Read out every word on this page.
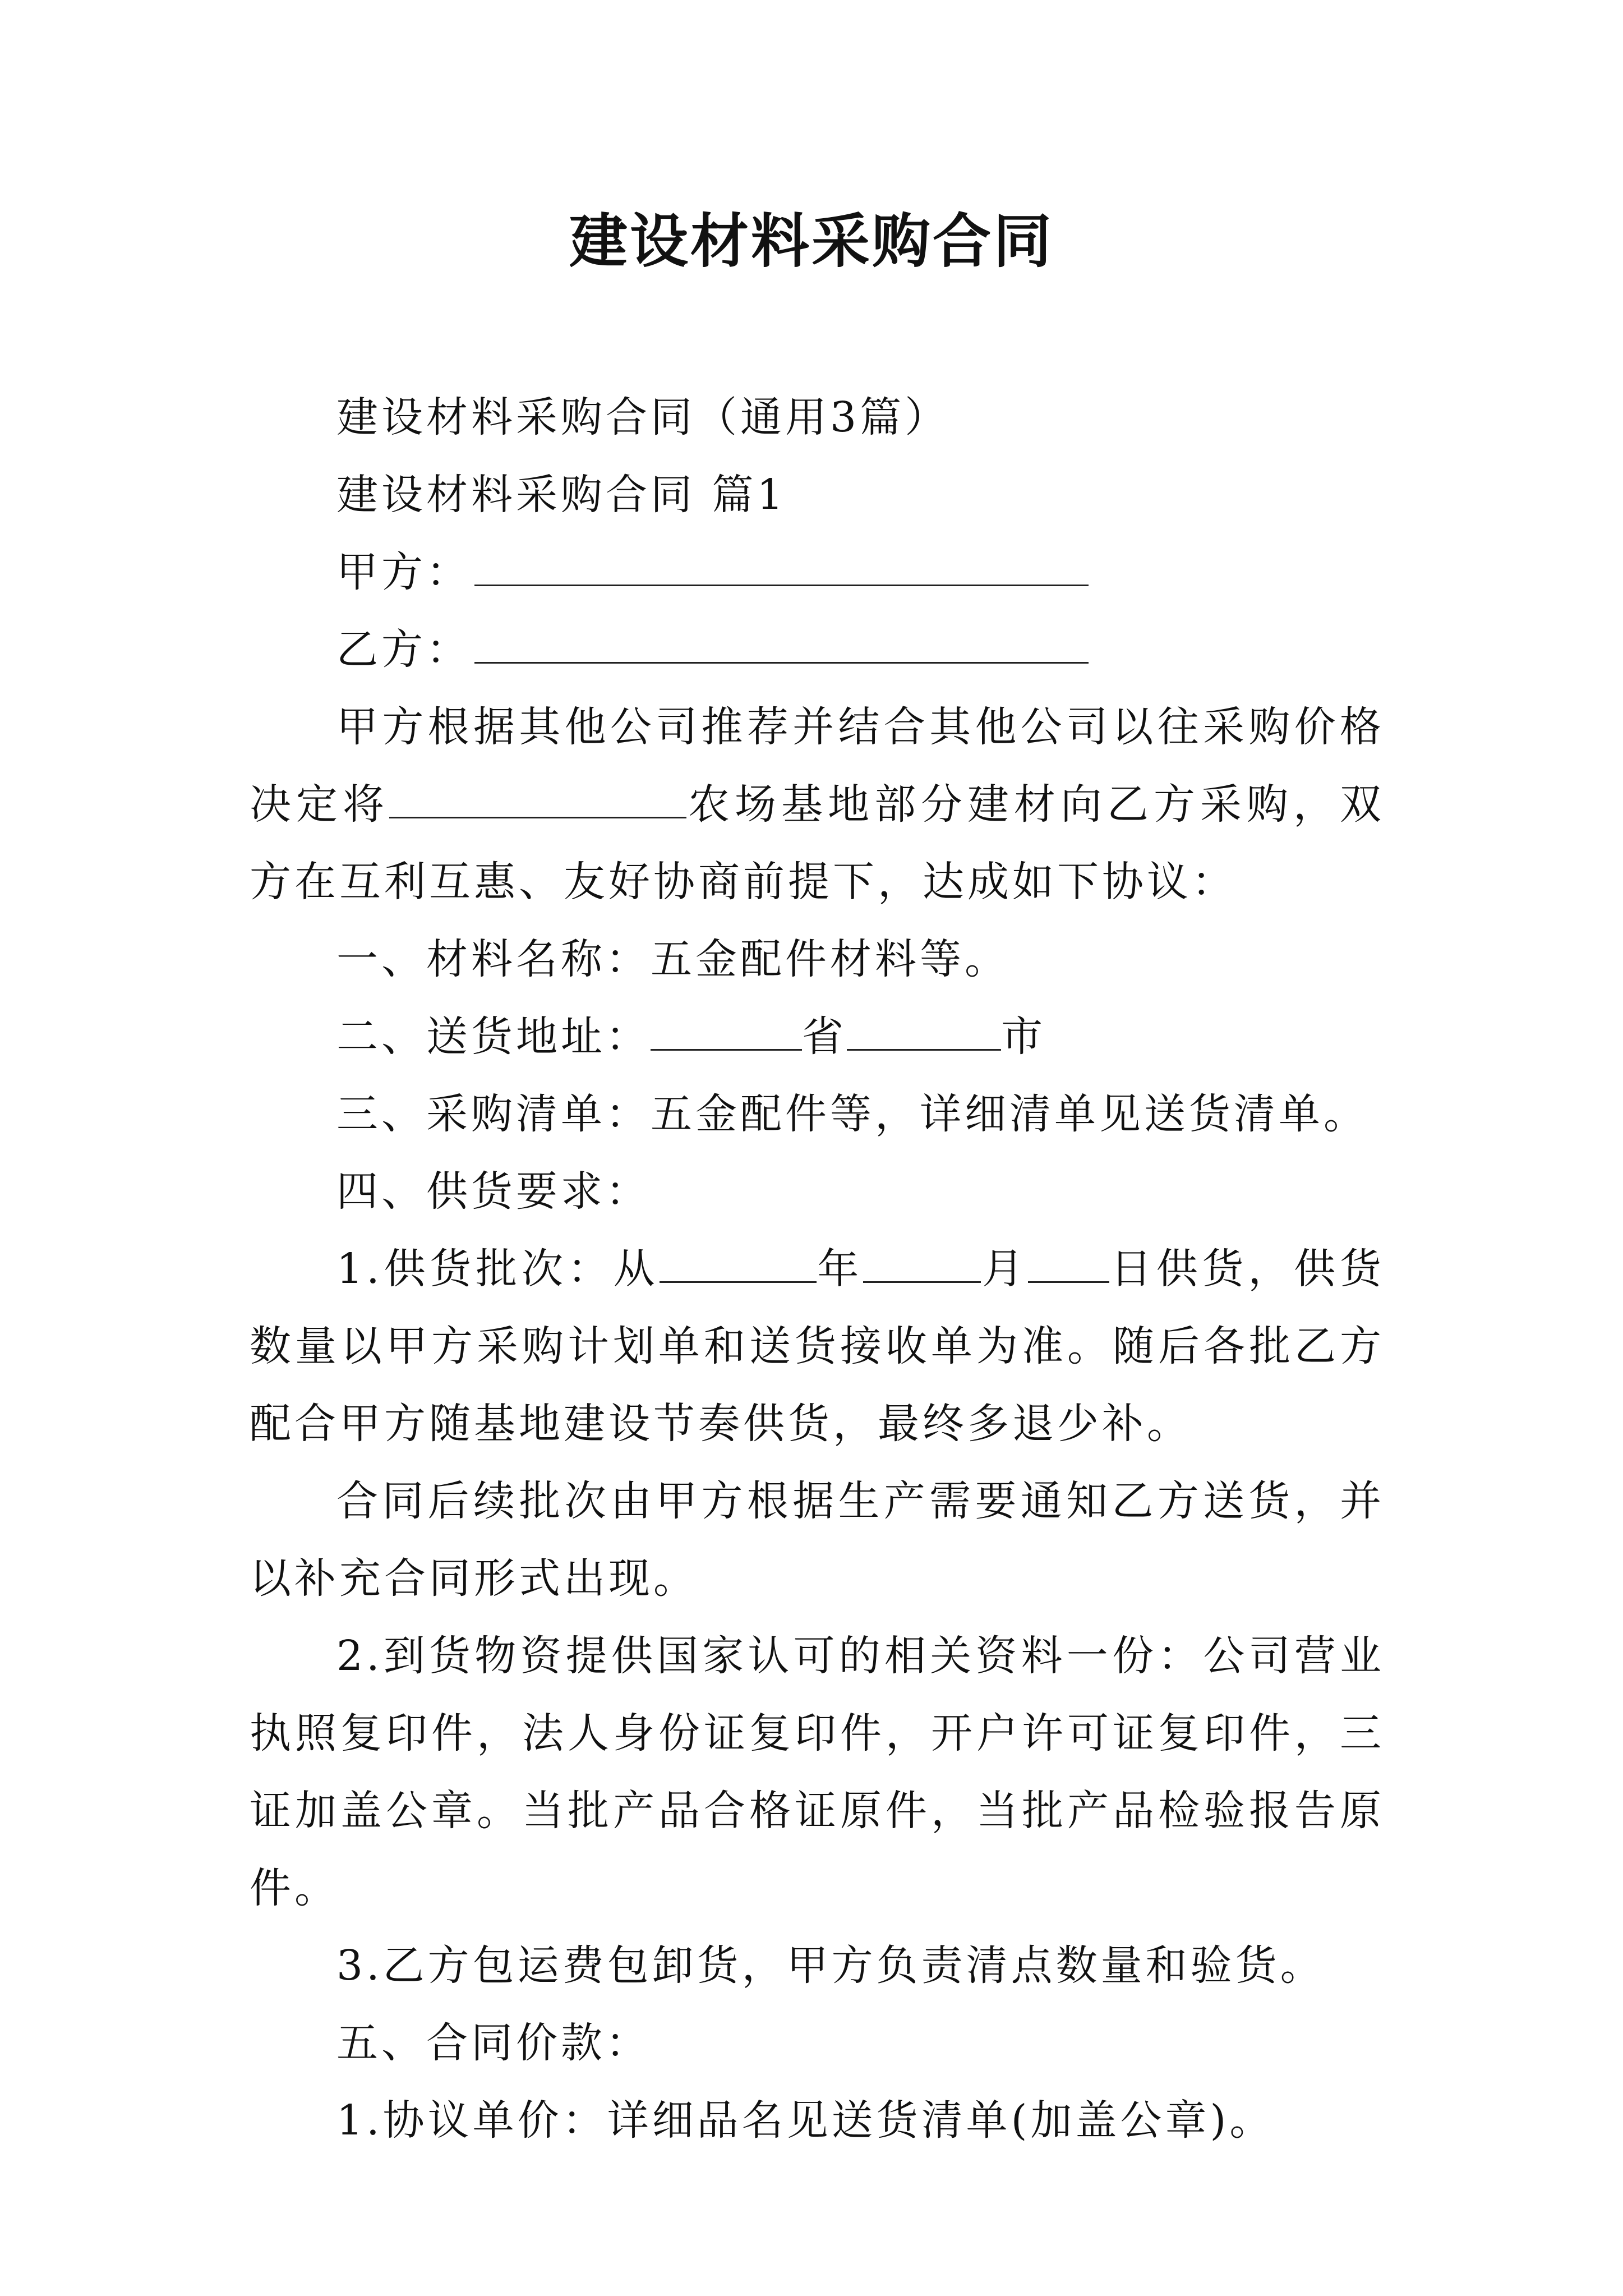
建设材料采购合同

建设材料采购合同（通用3篇）

建设材料采购合同 篇1

甲方：

乙方：

甲方根据其他公司推荐并结合其他公司以往采购价格决定将	农场基地部分建材向乙方采购，双方在互利互惠、友好协商前提下，达成如下协议：

一、材料名称：五金配件材料等。

二、送货地址：	省	市

三、采购清单：五金配件等，详细清单见送货清单。

四、供货要求：

1.供货批次：从	年	月 日供货，供货数量以甲方采购计划单和送货接收单为准。随后各批乙方配合甲方随基地建设节奏供货，最终多退少补。

合同后续批次由甲方根据生产需要通知乙方送货，并以补充合同形式出现。

2.到货物资提供国家认可的相关资料一份：公司营业执照复印件，法人身份证复印件，开户许可证复印件，三证加盖公章。当批产品合格证原件，当批产品检验报告原件。

3.乙方包运费包卸货，甲方负责清点数量和验货。

五、合同价款：

1.协议单价：详细品名见送货清单(加盖公章)。
